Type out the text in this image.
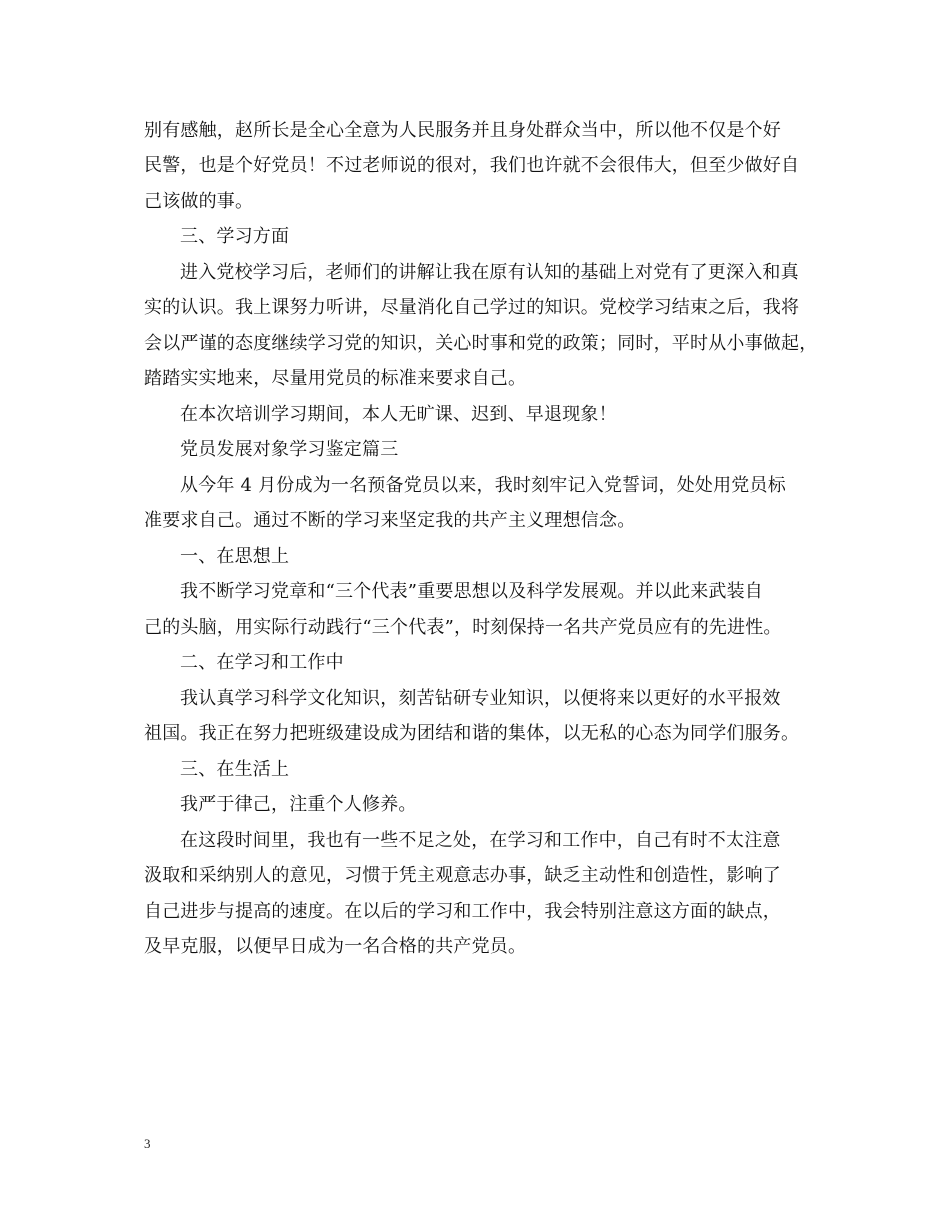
别有感触，赵所长是全心全意为人民服务并且身处群众当中，所以他不仅是个好
民警，也是个好党员！不过老师说的很对，我们也许就不会很伟大，但至少做好自
己该做的事。
三、学习方面
进入党校学习后，老师们的讲解让我在原有认知的基础上对党有了更深入和真
实的认识。我上课努力听讲，尽量消化自己学过的知识。党校学习结束之后，我将
会以严谨的态度继续学习党的知识，关心时事和党的政策；同时，平时从小事做起，
踏踏实实地来，尽量用党员的标准来要求自己。
在本次培训学习期间，本人无旷课、迟到、早退现象！
党员发展对象学习鉴定篇三
从今年 4 月份成为一名预备党员以来，我时刻牢记入党誓词，处处用党员标
准要求自己。通过不断的学习来坚定我的共产主义理想信念。
一、在思想上
我不断学习党章和“三个代表”重要思想以及科学发展观。并以此来武装自
己的头脑，用实际行动践行“三个代表”，时刻保持一名共产党员应有的先进性。
二、在学习和工作中
我认真学习科学文化知识，刻苦钻研专业知识，以便将来以更好的水平报效
祖国。我正在努力把班级建设成为团结和谐的集体，以无私的心态为同学们服务。
三、在生活上
我严于律己，注重个人修养。
在这段时间里，我也有一些不足之处，在学习和工作中，自己有时不太注意
汲取和采纳别人的意见，习惯于凭主观意志办事，缺乏主动性和创造性，影响了
自己进步与提高的速度。在以后的学习和工作中，我会特别注意这方面的缺点，
及早克服，以便早日成为一名合格的共产党员。
3
